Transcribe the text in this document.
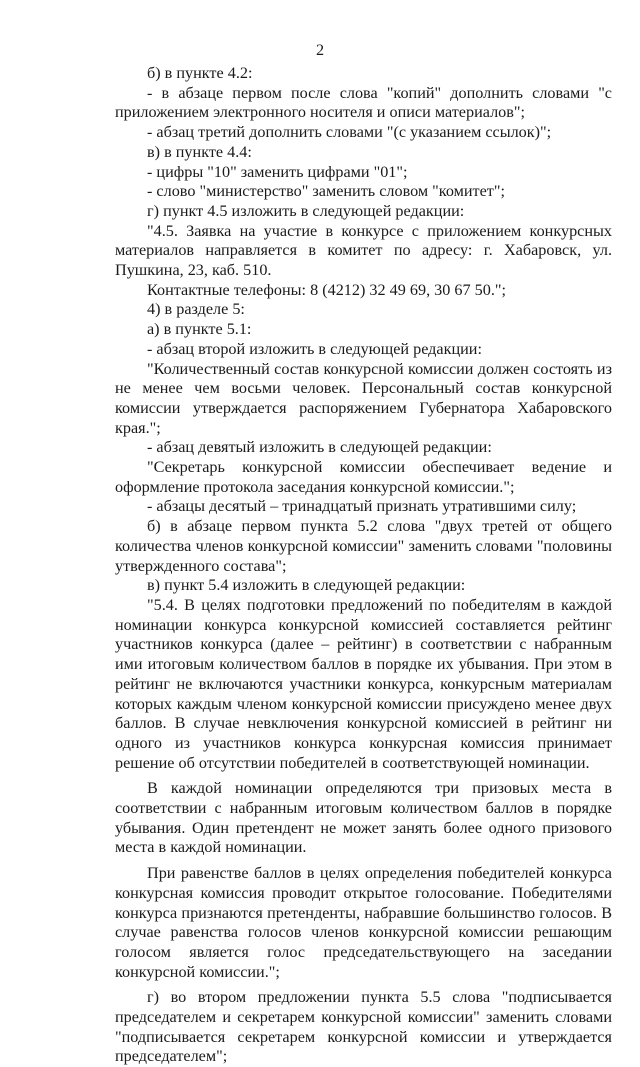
2

б) в пункте 4.2:

- в абзаце первом после слова "копий" дополнить словами "с приложением электронного носителя и описи материалов";

- абзац третий дополнить словами "(с указанием ссылок)";

в) в пункте 4.4:

- цифры "10" заменить цифрами "01";

- слово "министерство" заменить словом "комитет";

г) пункт 4.5 изложить в следующей редакции:

"4.5. Заявка на участие в конкурсе с приложением конкурсных материалов направляется в комитет по адресу: г. Хабаровск, ул. Пушкина, 23, каб. 510.

Контактные телефоны: 8 (4212) 32 49 69, 30 67 50.";

4) в разделе 5:

а) в пункте 5.1:

- абзац второй изложить в следующей редакции:

"Количественный состав конкурсной комиссии должен состоять из не менее чем восьми человек. Персональный состав конкурсной комиссии утверждается распоряжением Губернатора Хабаровского края.";

- абзац девятый изложить в следующей редакции:

"Секретарь конкурсной комиссии обеспечивает ведение и оформление протокола заседания конкурсной комиссии.";

- абзацы десятый – тринадцатый признать утратившими силу;

б) в абзаце первом пункта 5.2 слова "двух третей от общего количества членов конкурсной комиссии" заменить словами "половины утвержденного состава";

в) пункт 5.4 изложить в следующей редакции:

"5.4. В целях подготовки предложений по победителям в каждой номинации конкурса конкурсной комиссией составляется рейтинг участников конкурса (далее – рейтинг) в соответствии с набранным ими итоговым количеством баллов в порядке их убывания. При этом в рейтинг не включаются участники конкурса, конкурсным материалам которых каждым членом конкурсной комиссии присуждено менее двух баллов. В случае невключения конкурсной комиссией в рейтинг ни одного из участников конкурса конкурсная комиссия принимает решение об отсутствии победителей в соответствующей номинации.

В каждой номинации определяются три призовых места в соответствии с набранным итоговым количеством баллов в порядке убывания. Один претендент не может занять более одного призового места в каждой номинации.

При равенстве баллов в целях определения победителей конкурса конкурсная комиссия проводит открытое голосование. Победителями конкурса признаются претенденты, набравшие большинство голосов. В случае равенства голосов членов конкурсной комиссии решающим голосом является голос председательствующего на заседании конкурсной комиссии.";

г) во втором предложении пункта 5.5 слова "подписывается председателем и секретарем конкурсной комиссии" заменить словами "подписывается секретарем конкурсной комиссии и утверждается председателем";
